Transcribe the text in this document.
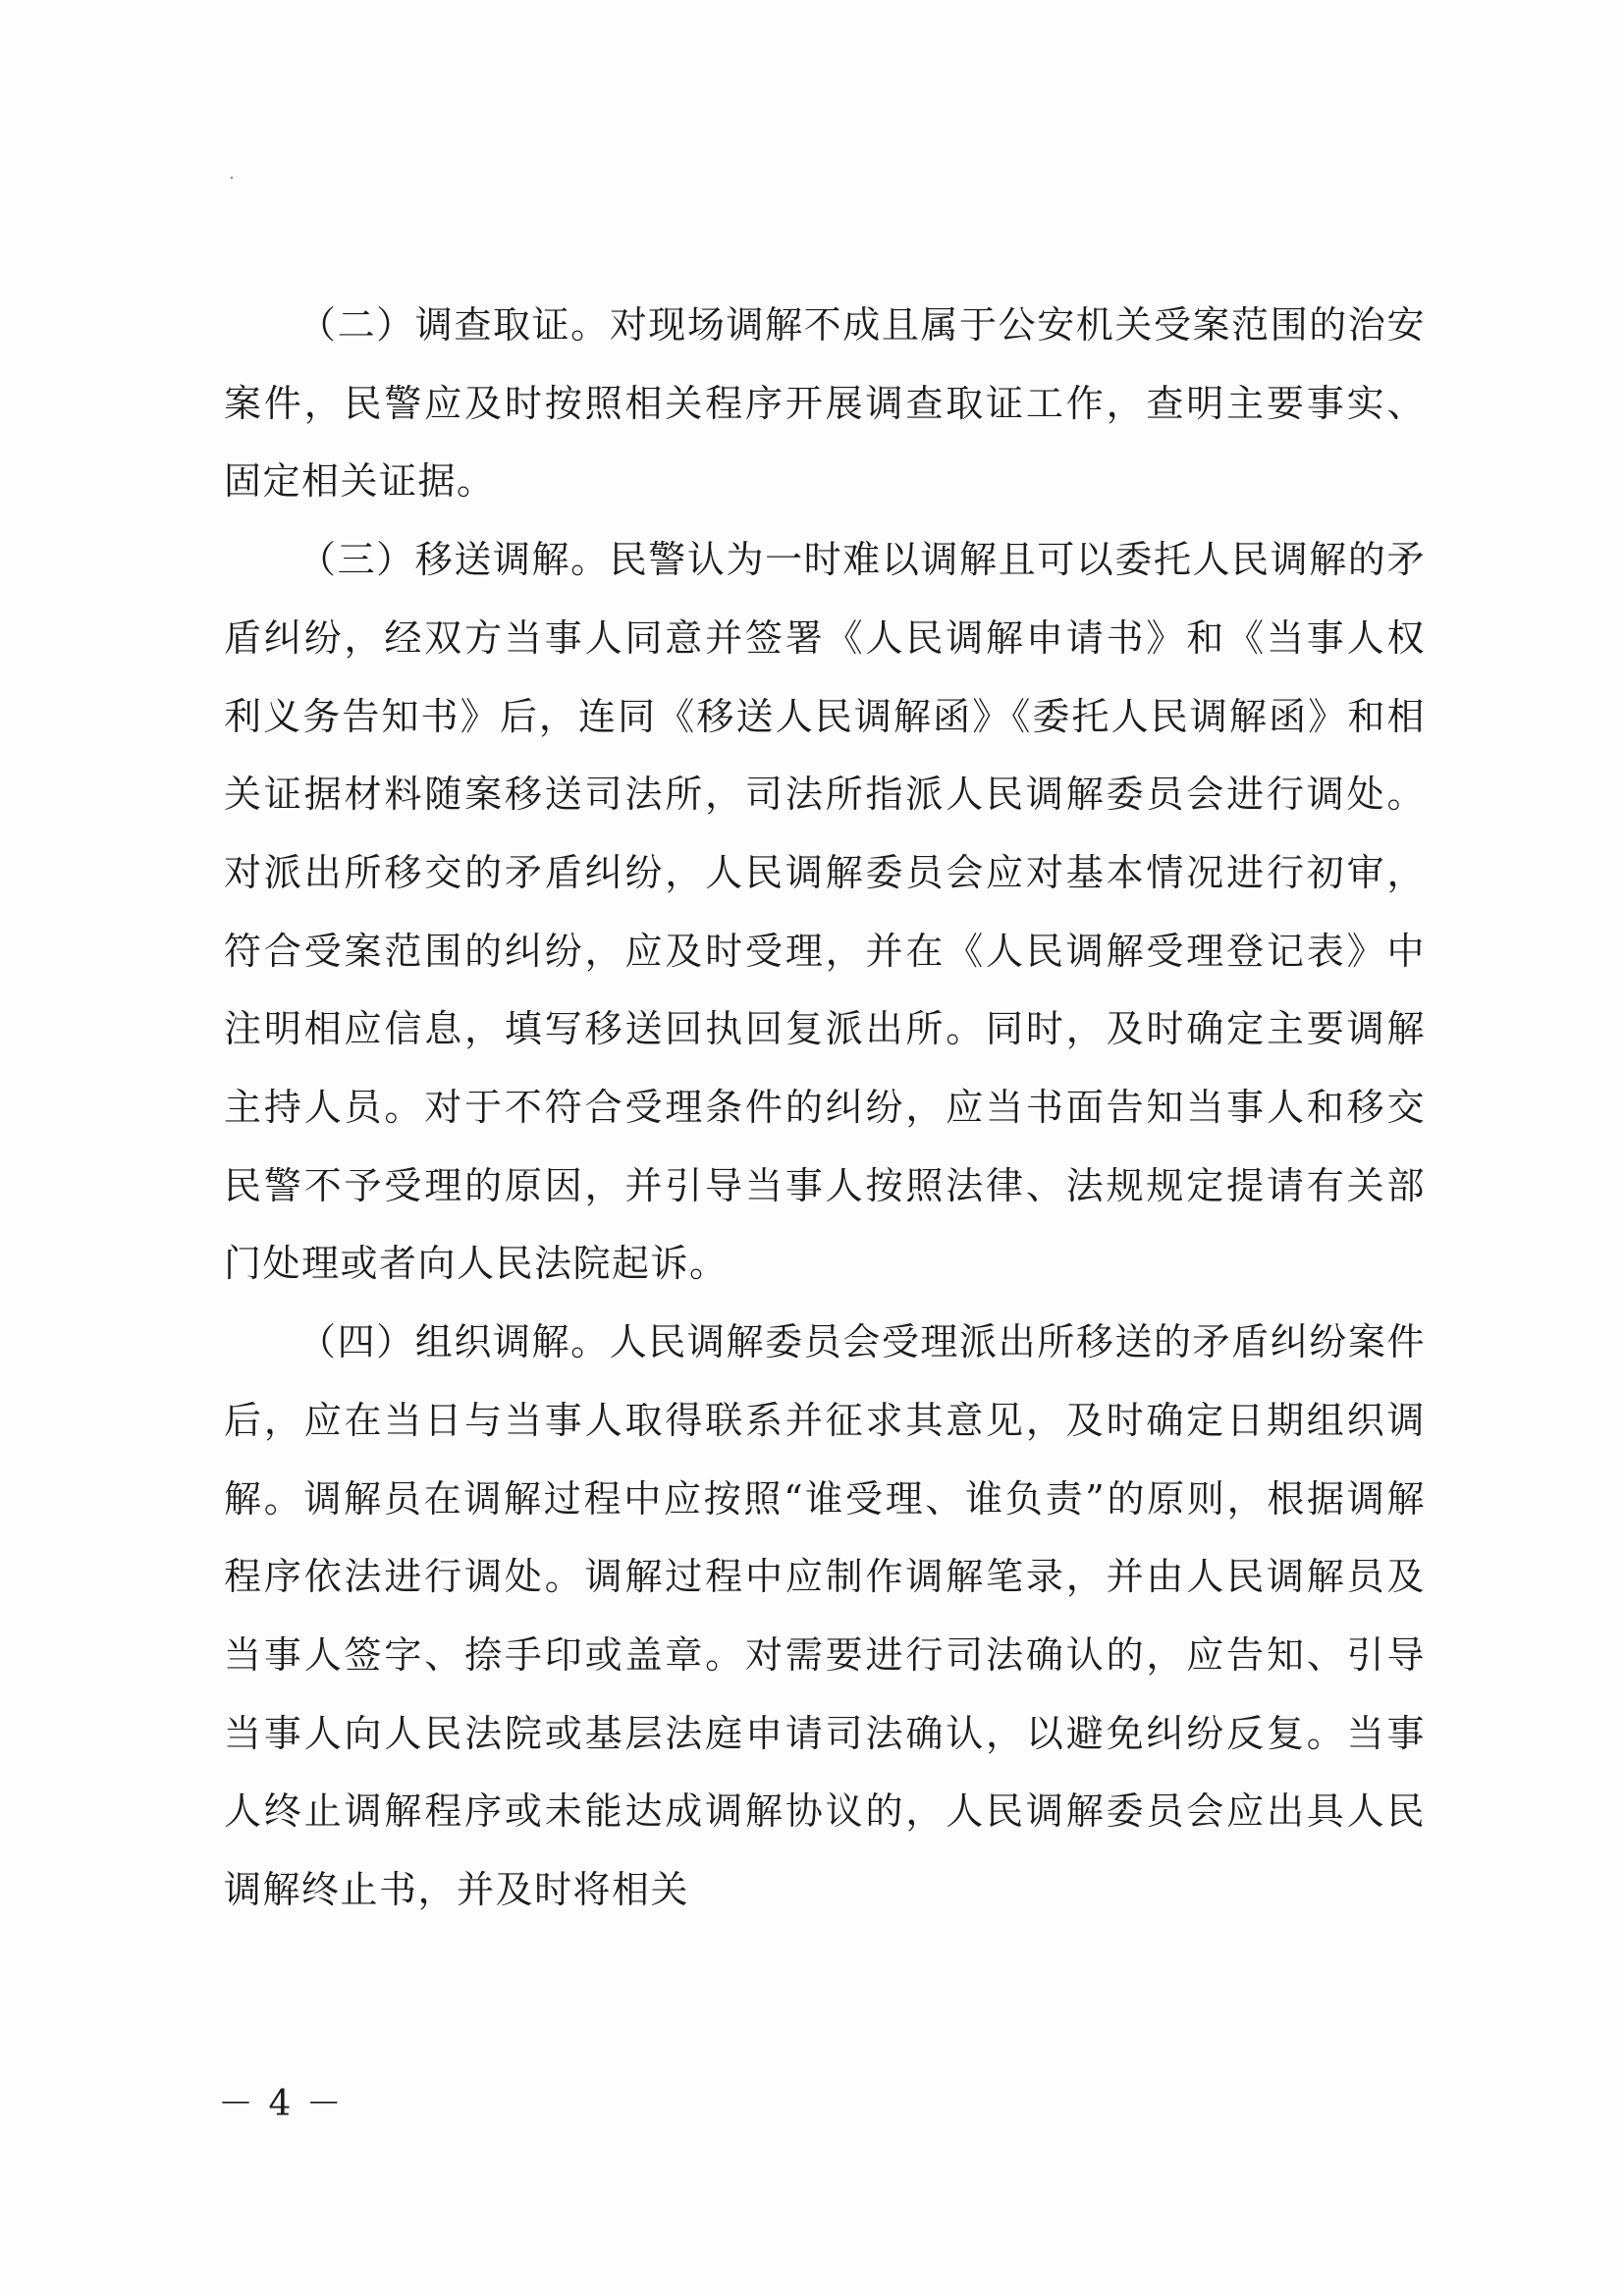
（二）调查取证。对现场调解不成且属于公安机关受案范围的治安案件，民警应及时按照相关程序开展调查取证工作，查明主要事实、固定相关证据。

（三）移送调解。民警认为一时难以调解且可以委托人民调解的矛盾纠纷，经双方当事人同意并签署《人民调解申请书》和《当事人权利义务告知书》后，连同《移送人民调解函》《委托人民调解函》和相关证据材料随案移送司法所，司法所指派人民调解委员会进行调处。对派出所移交的矛盾纠纷，人民调解委员会应对基本情况进行初审，符合受案范围的纠纷，应及时受理，并在《人民调解受理登记表》中注明相应信息，填写移送回执回复派出所。同时，及时确定主要调解主持人员。对于不符合受理条件的纠纷，应当书面告知当事人和移交民警不予受理的原因，并引导当事人按照法律、法规规定提请有关部门处理或者向人民法院起诉。

（四）组织调解。人民调解委员会受理派出所移送的矛盾纠纷案件后，应在当日与当事人取得联系并征求其意见，及时确定日期组织调解。调解员在调解过程中应按照“谁受理、谁负责”的原则，根据调解程序依法进行调处。调解过程中应制作调解笔录，并由人民调解员及当事人签字、捺手印或盖章。对需要进行司法确认的，应告知、引导当事人向人民法院或基层法庭申请司法确认，以避免纠纷反复。当事人终止调解程序或未能达成调解协议的，人民调解委员会应出具人民调解终止书，并及时将相关

－ 4 －
